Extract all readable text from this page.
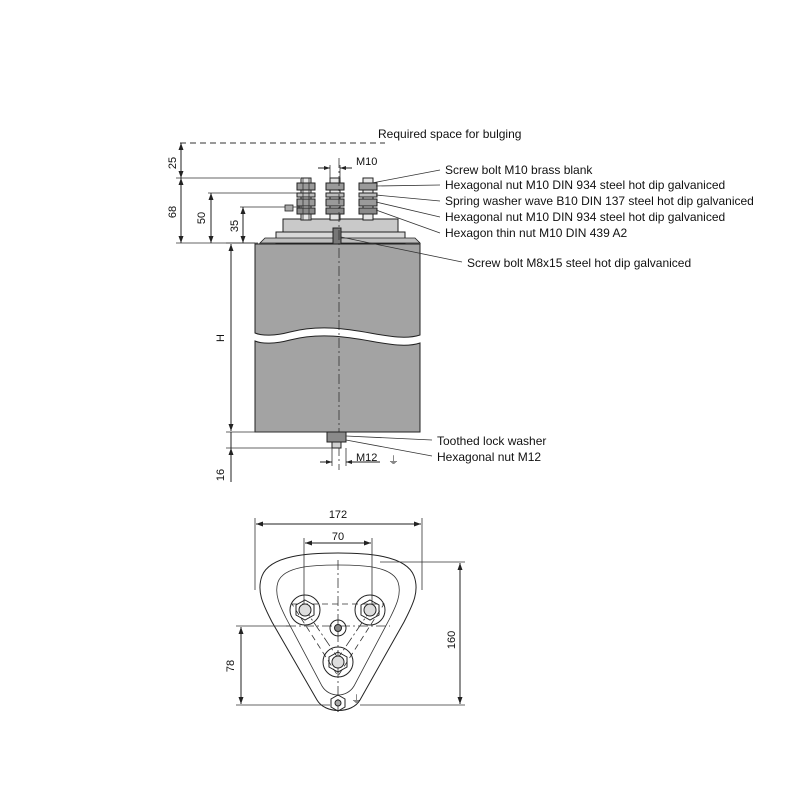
Required space for bulging
25
68 50
35
M10
H
16
M12 ⏚
Screw bolt M10 brass blank
Hexagonal nut M10 DIN 934 steel hot dip galvaniced
Spring washer wave B10 DIN 137 steel hot dip galvaniced
Hexagonal nut M10 DIN 934 steel hot dip galvaniced
Hexagon thin nut M10 DIN 439 A2
Screw bolt M8x15 steel hot dip galvaniced
Toothed lock washer
Hexagonal nut M12
172
70
⏚
160
78
